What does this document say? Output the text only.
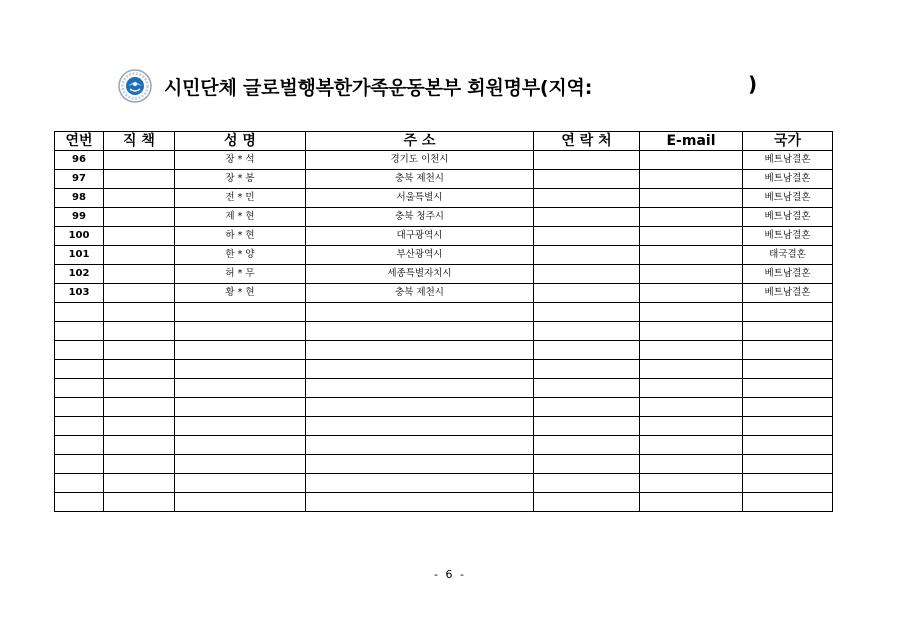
시민단체 글로벌행복한가족운동본부 회원명부(지역:	)
연번	직 책	성 명	주 소	연 락 처	E-mail	국가
96		장 * 석	경기도 이천시			베트남결혼
97		장 * 봉	충북 제천시			베트남결혼
98		전 * 민	서울특별시			베트남결혼
99		제 * 현	충북 청주시			베트남결혼
100		하 * 현	대구광역시			베트남결혼
101		한 * 양	부산광역시			태국결혼
102		허 * 무	세종특별자치시			베트남결혼
103		황 * 현	충북 제천시			베트남결혼

- 6 -
